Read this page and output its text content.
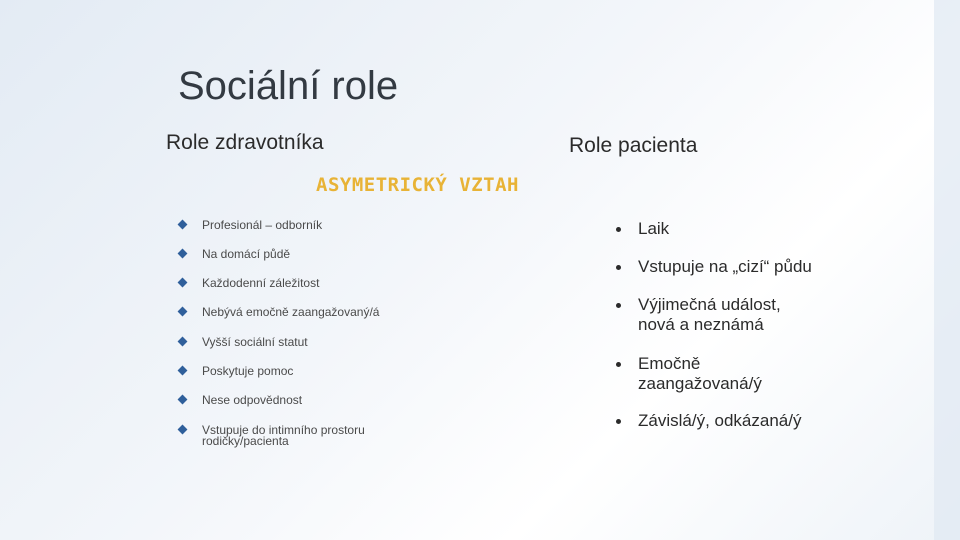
Sociální role
Role zdravotníka	Role pacienta
ASYMETRICKÝ VZTAH
Profesionál – odborník
Na domácí půdě
Každodenní záležitost
Nebývá emočně zaangažovaný/á
Vyšší sociální statut
Poskytuje pomoc
Nese odpovědnost
Vstupuje do intimního prostoru rodičky/pacienta
Laik
Vstupuje na „cizí“ půdu
Výjimečná událost, nová a neznámá
Emočně zaangažovaná/ý
Závislá/ý, odkázaná/ý
